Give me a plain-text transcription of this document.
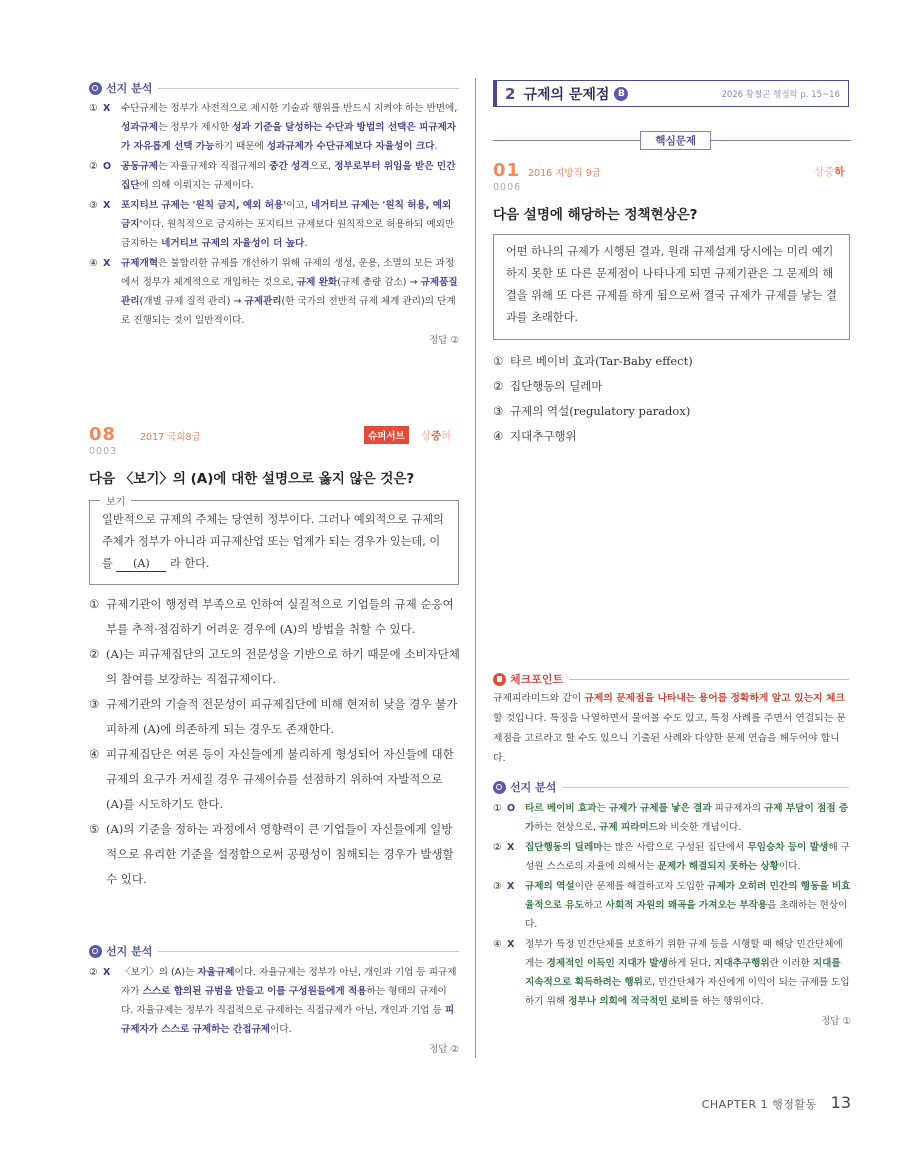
선지 분석
① X 수단규제는 정부가 사전적으로 제시한 기술과 행위를 반드시 지켜야 하는 반면에, 성과규제는 정부가 제시한 성과 기준을 달성하는 수단과 방법의 선택은 피규제자가 자유롭게 선택 가능하기 때문에 성과규제가 수단규제보다 자율성이 크다.
② O 공동규제는 자율규제와 직접규제의 중간 성격으로, 정부로부터 위임을 받은 민간집단에 의해 이뤄지는 규제이다.
③ X 포지티브 규제는 '원칙 금지, 예외 허용'이고, 네거티브 규제는 '원칙 허용, 예외 금지'이다. 원칙적으로 금지하는 포지티브 규제보다 원칙적으로 허용하되 예외만 금지하는 네거티브 규제의 자율성이 더 높다.
④ X 규제개혁은 불합리한 규제를 개선하기 위해 규제의 생성, 운용, 소멸의 모든 과정에서 정부가 체계적으로 개입하는 것으로, 규제 완화(규제 총량 감소) → 규제품질관리(개별 규제 질적 관리) → 규제관리(한 국가의 전반적 규제 체계 관리)의 단계로 진행되는 것이 일반적이다.
정답 ②
08	2017 국회8급
0003
슈퍼서브	상중하
다음 〈보기〉의 (A)에 대한 설명으로 옳지 않은 것은?
보기
일반적으로 규제의 주체는 당연히 정부이다. 그러나 예외적으로 규제의 주체가 정부가 아니라 피규제산업 또는 업계가 되는 경우가 있는데, 이를 (A) 라 한다.
① 규제기관이 행정력 부족으로 인하여 실질적으로 기업들의 규제 순응여부를 추적·점검하기 어려운 경우에 (A)의 방법을 취할 수 있다.
② (A)는 피규제집단의 고도의 전문성을 기반으로 하기 때문에 소비자단체의 참여를 보장하는 직접규제이다.
③ 규제기관의 기술적 전문성이 피규제집단에 비해 현저히 낮을 경우 불가피하게 (A)에 의존하게 되는 경우도 존재한다.
④ 피규제집단은 여론 등이 자신들에게 불리하게 형성되어 자신들에 대한 규제의 요구가 거세질 경우 규제이슈를 선점하기 위하여 자발적으로 (A)를 시도하기도 한다.
⑤ (A)의 기준을 정하는 과정에서 영향력이 큰 기업들이 자신들에게 일방적으로 유리한 기준을 설정함으로써 공평성이 침해되는 경우가 발생할 수 있다.
선지 분석
② X 〈보기〉의 (A)는 자율규제이다. 자율규제는 정부가 아닌, 개인과 기업 등 피규제자가 스스로 합의된 규범을 만들고 이를 구성원들에게 적용하는 형태의 규제이다. 자율규제는 정부가 직접적으로 규제하는 직접규제가 아닌, 개인과 기업 등 피규제자가 스스로 규제하는 간접규제이다.
정답 ②
2 규제의 문제점 B	2026 황철곤 행정학 p. 15~16
핵심문제
01 2016 지방직 9급
0006
상중하
다음 설명에 해당하는 정책현상은?
어떤 하나의 규제가 시행된 결과, 원래 규제설계 당시에는 미리 예기하지 못한 또 다른 문제점이 나타나게 되면 규제기관은 그 문제의 해결을 위해 또 다른 규제를 하게 됨으로써 결국 규제가 규제를 낳는 결과를 초래한다.
① 타르 베이비 효과(Tar-Baby effect)
② 집단행동의 딜레마
③ 규제의 역설(regulatory paradox)
④ 지대추구행위
체크포인트
규제피라미드와 같이 규제의 문제점을 나타내는 용어를 정확하게 알고 있는지 체크할 것입니다. 특징을 나열하면서 물어볼 수도 있고, 특정 사례를 주면서 연결되는 문제점을 고르라고 할 수도 있으니 기출된 사례와 다양한 문제 연습을 해두어야 합니다.
선지 분석
① O 타르 베이비 효과는 규제가 규제를 낳은 결과 피규제자의 규제 부담이 점점 증가하는 현상으로, 규제 피라미드와 비슷한 개념이다.
② X 집단행동의 딜레마는 많은 사람으로 구성된 집단에서 무임승차 등이 발생해 구성원 스스로의 자율에 의해서는 문제가 해결되지 못하는 상황이다.
③ X 규제의 역설이란 문제를 해결하고자 도입한 규제가 오히려 민간의 행동을 비효율적으로 유도하고 사회적 자원의 왜곡을 가져오는 부작용을 초래하는 현상이다.
④ X 정부가 특정 민간단체를 보호하기 위한 규제 등을 시행할 때 해당 민간단체에게는 경제적인 이득인 지대가 발생하게 된다. 지대추구행위란 이러한 지대를 지속적으로 획득하려는 행위로, 민간단체가 자신에게 이익이 되는 규제를 도입하기 위해 정부나 의회에 적극적인 로비를 하는 행위이다.
정답 ①
CHAPTER 1 행정활동 13
